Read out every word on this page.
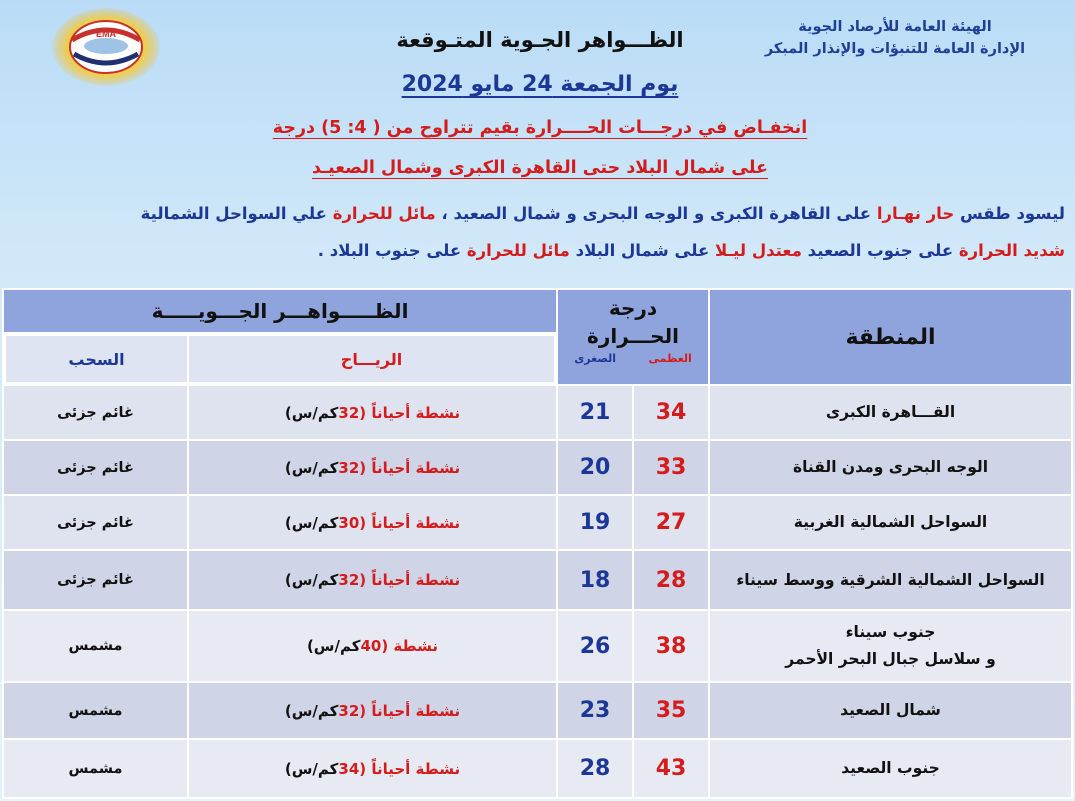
EMA	الهيئة العامة للأرصاد الجوية
الإدارة العامة للتنبؤات والإنذار المبكر
الظـــواهر الجـوية المتـوقعة
يوم الجمعة 24 مايو 2024
انخفـاض في درجـــات الحــــرارة بقيم تتراوح من ( 4: 5) درجة
على شمال البلاد حتى القاهرة الكبرى وشمال الصعيـد
ليسود طقس حار نهـارا على القاهرة الكبرى و الوجه البحرى و شمال الصعيد ، مائل للحرارة علي السواحل الشمالية
شديد الحرارة على جنوب الصعيد معتدل ليـلا على شمال البلاد مائل للحرارة على جنوب البلاد .
المنطقة
درجة الحـــرارة
العظمى
الصغرى
الظـــــواهـــر الجـــويـــــة
الريـــاح
السحب
القـــاهرة الكبرى
34
21
نشطة أحياناً (
32
كم/س)
غائم جزئى
الوجه البحرى ومدن القناة
33
20
نشطة أحياناً (
32
كم/س)
غائم جزئى
السواحل الشمالية الغربية
27
19
نشطة أحياناً (
30
كم/س)
غائم جزئى
السواحل الشمالية الشرقية ووسط سيناء
28
18
نشطة أحياناً (
32
كم/س)
غائم جزئى
جنوب سيناء
و سلاسل جبال البحر الأحمر
38
26
نشطة (
40
كم/س)
مشمس
شمال الصعيد
35
23
نشطة أحياناً (
32
كم/س)
مشمس
جنوب الصعيد
43
28
نشطة أحياناً (
34
كم/س)
مشمس
